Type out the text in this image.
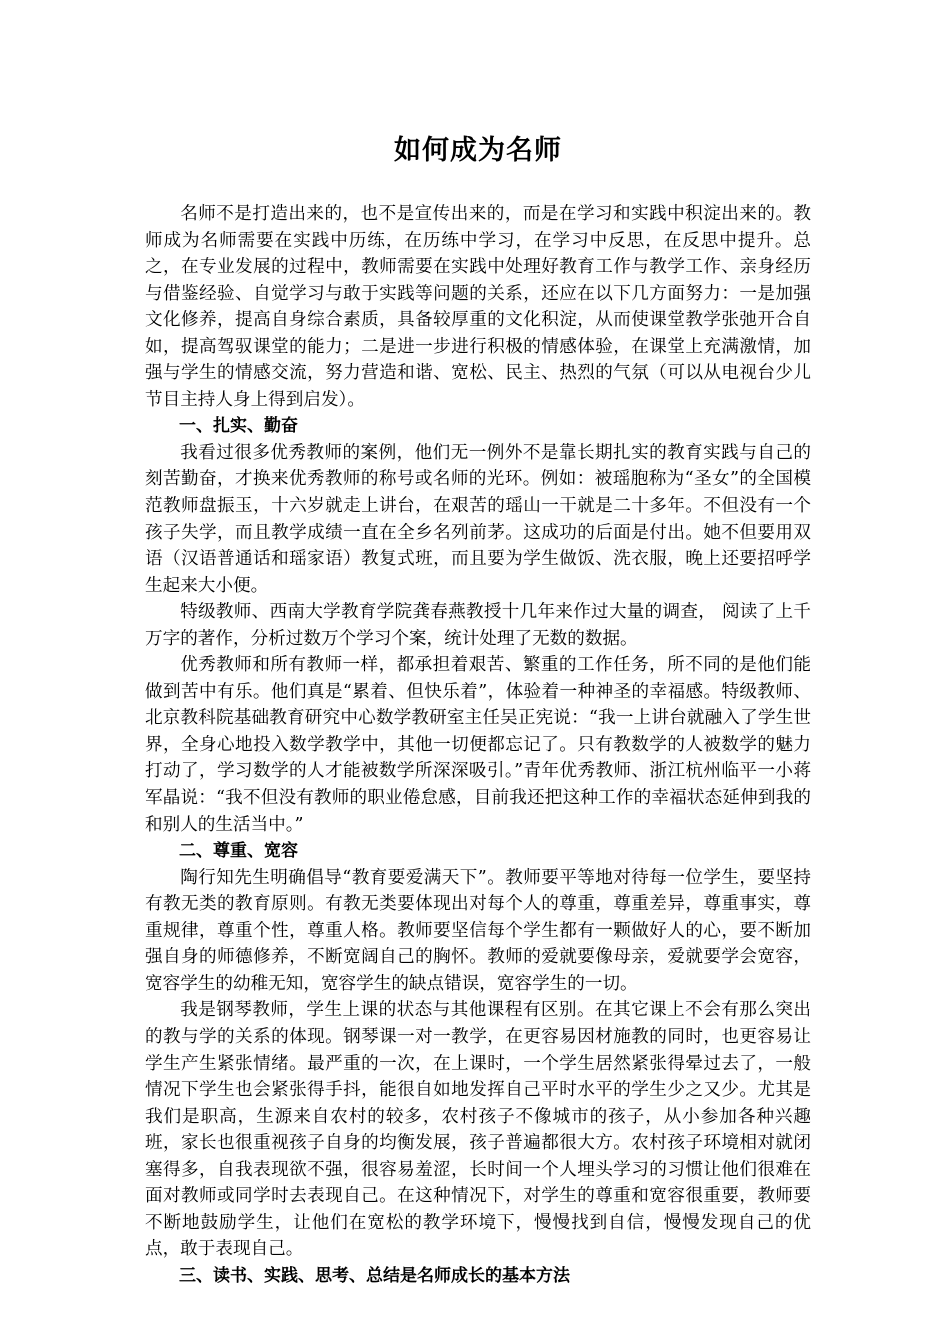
如何成为名师

名师不是打造出来的，也不是宣传出来的，而是在学习和实践中积淀出来的。教师成为名师需要在实践中历练，在历练中学习，在学习中反思，在反思中提升。总之，在专业发展的过程中，教师需要在实践中处理好教育工作与教学工作、亲身经历与借鉴经验、自觉学习与敢于实践等问题的关系，还应在以下几方面努力：一是加强文化修养，提高自身综合素质，具备较厚重的文化积淀，从而使课堂教学张弛开合自如，提高驾驭课堂的能力；二是进一步进行积极的情感体验，在课堂上充满激情，加强与学生的情感交流，努力营造和谐、宽松、民主、热烈的气氛（可以从电视台少儿节目主持人身上得到启发）。

一、扎实、勤奋

我看过很多优秀教师的案例，他们无一例外不是靠长期扎实的教育实践与自己的刻苦勤奋，才换来优秀教师的称号或名师的光环。例如：被瑶胞称为“圣女”的全国模范教师盘振玉，十六岁就走上讲台，在艰苦的瑶山一干就是二十多年。不但没有一个孩子失学，而且教学成绩一直在全乡名列前茅。这成功的后面是付出。她不但要用双语（汉语普通话和瑶家语）教复式班，而且要为学生做饭、洗衣服，晚上还要招呼学生起来大小便。

特级教师、西南大学教育学院龚春燕教授十几年来作过大量的调查， 阅读了上千万字的著作，分析过数万个学习个案，统计处理了无数的数据。

优秀教师和所有教师一样，都承担着艰苦、繁重的工作任务，所不同的是他们能做到苦中有乐。他们真是“累着、但快乐着”，体验着一种神圣的幸福感。特级教师、北京教科院基础教育研究中心数学教研室主任吴正宪说：“我一上讲台就融入了学生世界，全身心地投入数学教学中，其他一切便都忘记了。只有教数学的人被数学的魅力打动了，学习数学的人才能被数学所深深吸引。”青年优秀教师、浙江杭州临平一小蒋军晶说：“我不但没有教师的职业倦怠感，目前我还把这种工作的幸福状态延伸到我的和别人的生活当中。”

二、尊重、宽容

陶行知先生明确倡导“教育要爱满天下”。教师要平等地对待每一位学生，要坚持有教无类的教育原则。有教无类要体现出对每个人的尊重，尊重差异，尊重事实，尊重规律，尊重个性，尊重人格。教师要坚信每个学生都有一颗做好人的心，要不断加强自身的师德修养，不断宽阔自己的胸怀。教师的爱就要像母亲，爱就要学会宽容，宽容学生的幼稚无知，宽容学生的缺点错误，宽容学生的一切。

我是钢琴教师，学生上课的状态与其他课程有区别。在其它课上不会有那么突出的教与学的关系的体现。钢琴课一对一教学，在更容易因材施教的同时，也更容易让学生产生紧张情绪。最严重的一次，在上课时，一个学生居然紧张得晕过去了，一般情况下学生也会紧张得手抖，能很自如地发挥自己平时水平的学生少之又少。尤其是我们是职高，生源来自农村的较多，农村孩子不像城市的孩子，从小参加各种兴趣班，家长也很重视孩子自身的均衡发展，孩子普遍都很大方。农村孩子环境相对就闭塞得多，自我表现欲不强，很容易羞涩，长时间一个人埋头学习的习惯让他们很难在面对教师或同学时去表现自己。在这种情况下，对学生的尊重和宽容很重要，教师要不断地鼓励学生，让他们在宽松的教学环境下，慢慢找到自信，慢慢发现自己的优点，敢于表现自己。

三、读书、实践、思考、总结是名师成长的基本方法
